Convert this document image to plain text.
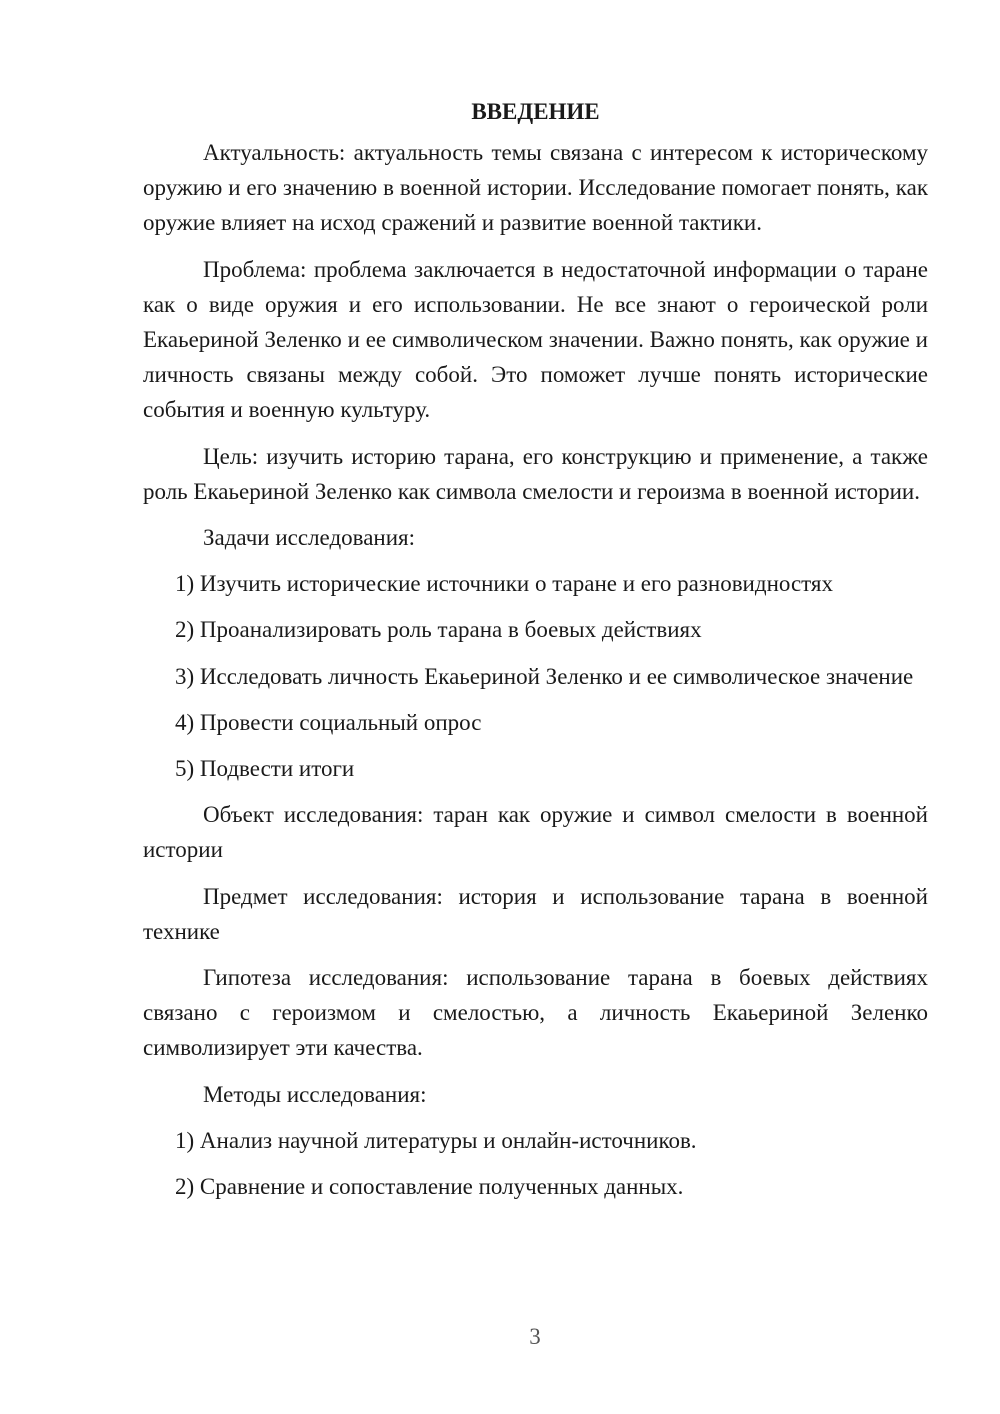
ВВЕДЕНИЕ

Актуальность: актуальность темы связана с интересом к историческому оружию и его значению в военной истории. Исследование помогает понять, как оружие влияет на исход сражений и развитие военной тактики.

Проблема: проблема заключается в недостаточной информации о таране как о виде оружия и его использовании. Не все знают о героической роли Екаьериной Зеленко и ее символическом значении. Важно понять, как оружие и личность связаны между собой. Это поможет лучше понять исторические события и военную культуру.

Цель: изучить историю тарана, его конструкцию и применение, а также роль Екаьериной Зеленко как символа смелости и героизма в военной истории.

Задачи исследования:

1) Изучить исторические источники о таране и его разновидностях

2) Проанализировать роль тарана в боевых действиях

3) Исследовать личность Екаьериной Зеленко и ее символическое значение

4) Провести социальный опрос

5) Подвести итоги

Объект исследования: таран как оружие и символ смелости в военной истории

Предмет исследования: история и использование тарана в военной технике

Гипотеза исследования: использование тарана в боевых действиях связано с героизмом и смелостью, а личность Екаьериной Зеленко символизирует эти качества.

Методы исследования:

1) Анализ научной литературы и онлайн-источников.

2) Сравнение и сопоставление полученных данных.

3
